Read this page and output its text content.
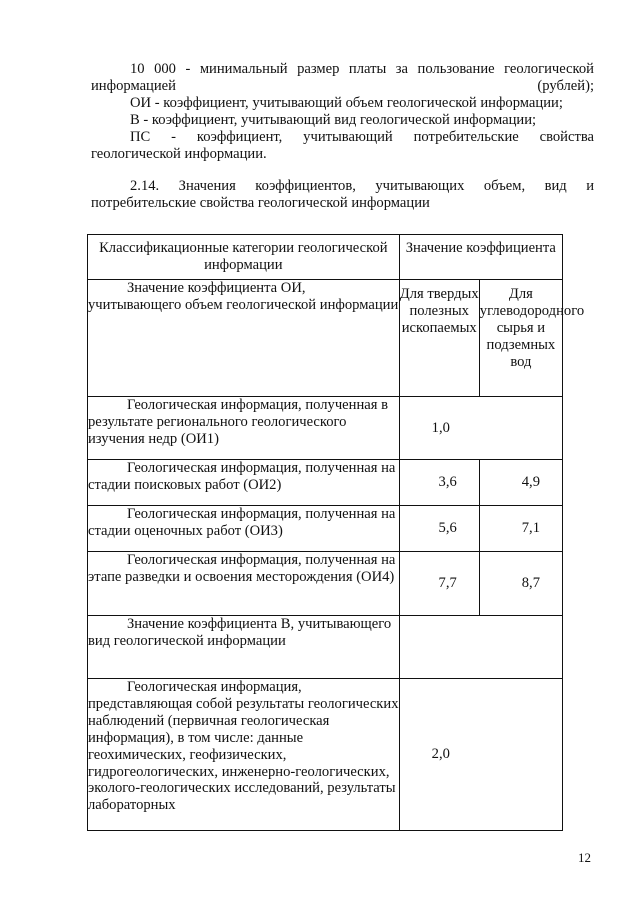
10 000 - минимальный размер платы за пользование геологической информацией (рублей);
ОИ - коэффициент, учитывающий объем геологической информации;
В - коэффициент, учитывающий вид геологической информации;
ПС - коэффициент, учитывающий потребительские свойства геологической информации.
2.14. Значения коэффициентов, учитывающих объем, вид и потребительские свойства геологической информации
Классификационные категории геологической информации	Значение коэффициента	

Значение коэффициента ОИ, учитывающего объем геологической информации	Для твердых полезных ископаемых	Для углеводородного сырья и подземных вод

Геологическая информация, полученная в результате регионального геологического изучения недр (ОИ1)	1,0	

Геологическая информация, полученная на стадии поисковых работ (ОИ2)	3,6	4,9

Геологическая информация, полученная на стадии оценочных работ (ОИ3)	5,6	7,1

Геологическая информация, полученная на этапе разведки и освоения месторождения (ОИ4)	7,7	8,7

Значение коэффициента В, учитывающего вид геологической информации		

Геологическая информация, представляющая собой результаты геологических наблюдений (первичная геологическая информация), в том числе: данные геохимических, геофизических, гидрогеологических, инженерно-геологических, эколого-геологических исследований, результаты лабораторных	2,0	
12
